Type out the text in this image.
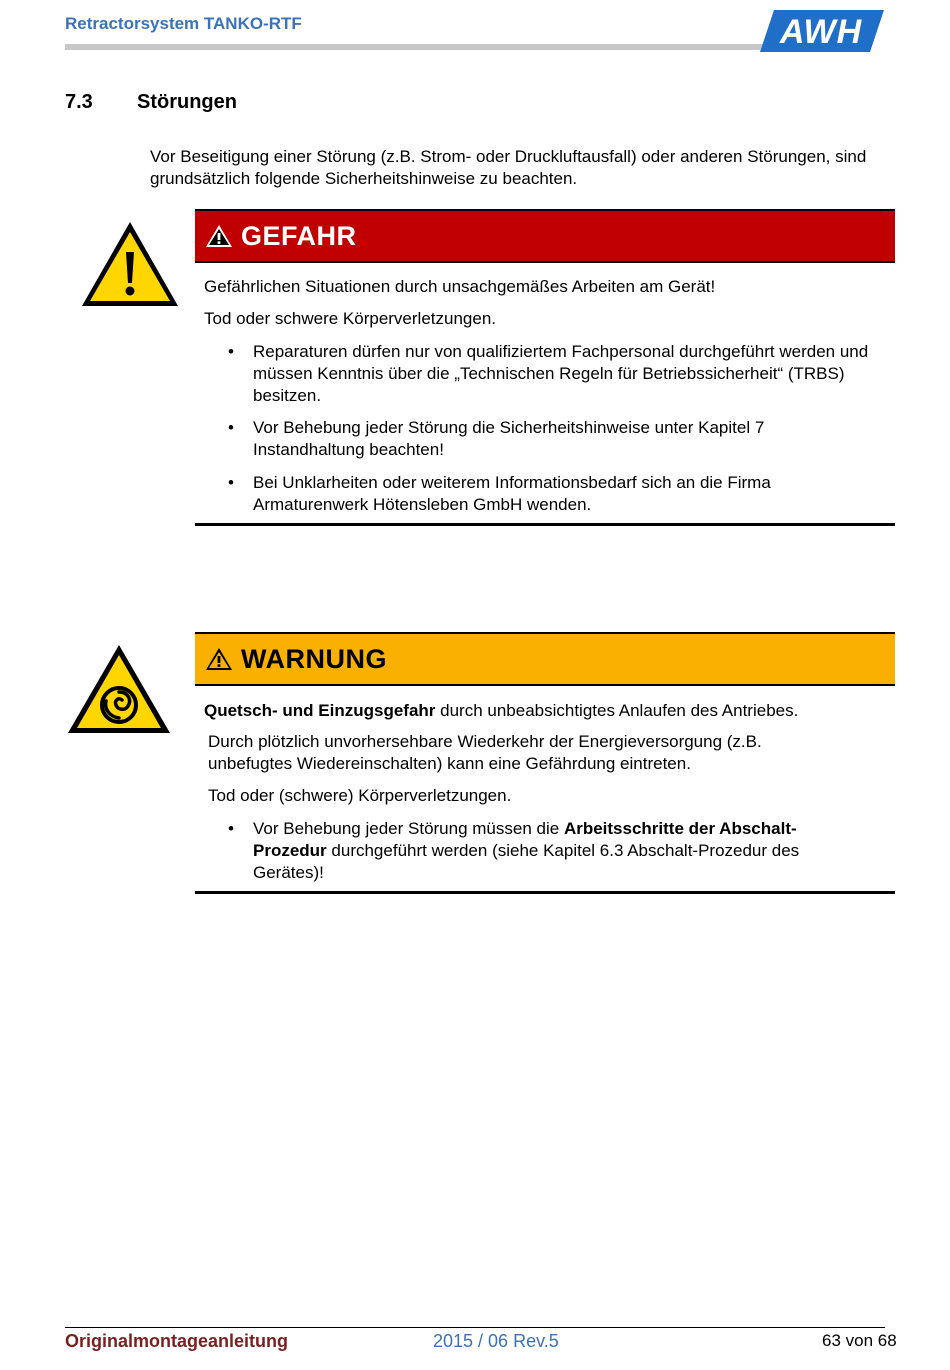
Retractorsystem TANKO-RTF	AWH
7.3 Störungen
Vor Beseitigung einer Störung (z.B. Strom- oder Druckluftausfall) oder anderen Störungen, sind grundsätzlich folgende Sicherheitshinweise zu beachten.
GEFAHR
Gefährlichen Situationen durch unsachgemäßes Arbeiten am Gerät!
Tod oder schwere Körperverletzungen.
• Reparaturen dürfen nur von qualifiziertem Fachpersonal durchgeführt werden und müssen Kenntnis über die „Technischen Regeln für Betriebssicherheit“ (TRBS) besitzen.
• Vor Behebung jeder Störung die Sicherheitshinweise unter Kapitel 7 Instandhaltung beachten!
• Bei Unklarheiten oder weiterem Informationsbedarf sich an die Firma Armaturenwerk Hötensleben GmbH wenden.
WARNUNG
Quetsch- und Einzugsgefahr durch unbeabsichtigtes Anlaufen des Antriebes.
Durch plötzlich unvorhersehbare Wiederkehr der Energieversorgung (z.B. unbefugtes Wiedereinschalten) kann eine Gefährdung eintreten.
Tod oder (schwere) Körperverletzungen.
• Vor Behebung jeder Störung müssen die Arbeitsschritte der Abschalt-Prozedur durchgeführt werden (siehe Kapitel 6.3 Abschalt-Prozedur des Gerätes)!
Originalmontageanleitung	2015 / 06 Rev.5	63 von 68
